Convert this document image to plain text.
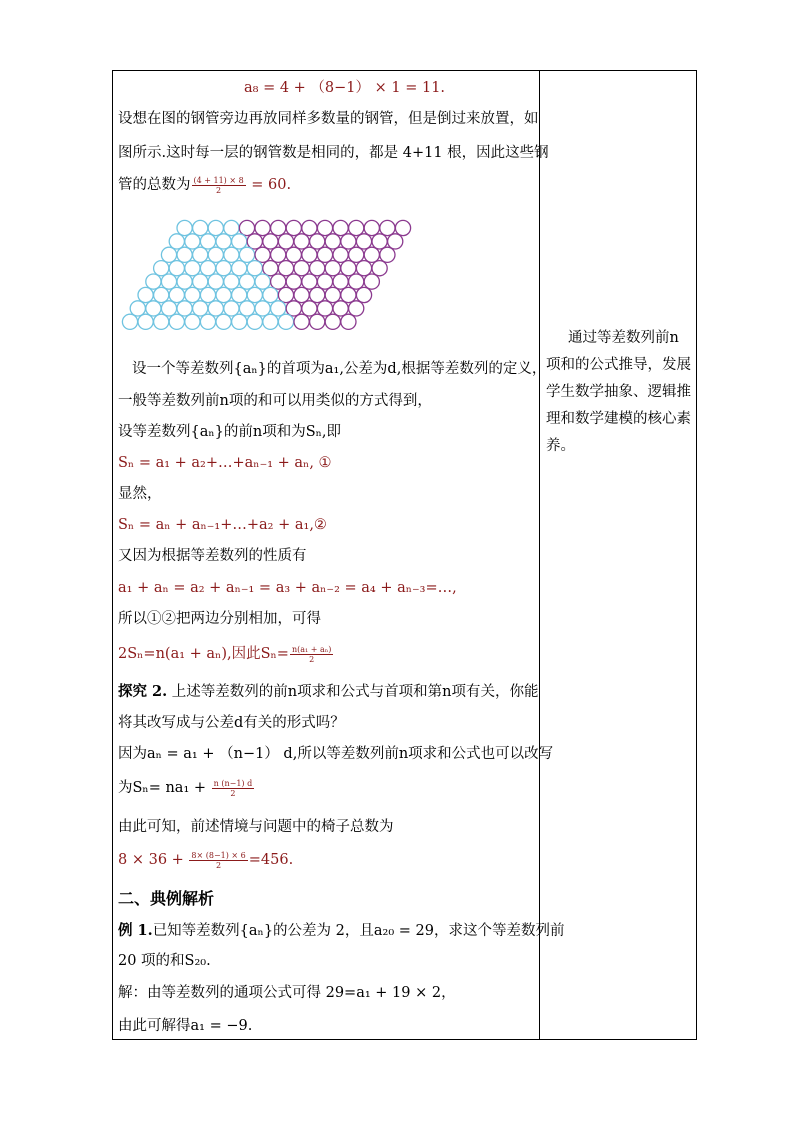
a₈ = 4 + （8−1） × 1 = 11.
设想在图的钢管旁边再放同样多数量的钢管，但是倒过来放置，如
图所示.这时每一层的钢管数是相同的，都是 4+11 根，因此这些钢
管的总数为 $\frac{(4 + 11) \times 8}{2} = 60$.
设一个等差数列{aₙ}的首项为a₁,公差为d,根据等差数列的定义，
一般等差数列前n项的和可以用类似的方式得到，
设等差数列{aₙ}的前n项和为Sₙ,即
Sₙ = a₁ + a₂+…+aₙ₋₁ + aₙ, ①
显然，
Sₙ = aₙ + aₙ₋₁+…+a₂ + a₁,②
又因为根据等差数列的性质有
a₁ + aₙ = a₂ + aₙ₋₁ = a₃ + aₙ₋₂ = a₄ + aₙ₋₃=…,
所以①②把两边分别相加，可得
2Sₙ=n(a₁ + aₙ),因此$S_n= \frac{\text{n(a₁ + aₙ)}}{2}$
探究 2. 上述等差数列的前n项求和公式与首项和第n项有关，你能
将其改写成与公差d有关的形式吗？
因为aₙ = a₁ + （n−1） d,所以等差数列前n项求和公式也可以改写
为$S_n= na_1 + \frac{n (n-1) d}{2}$
由此可知，前述情境与问题中的椅子总数为
$8 \times 36 + \frac{8\times (8-1) \times 6}{2} =456$.
二、典例解析
例 1.已知等差数列{aₙ}的公差为 2，且a₂₀ = 29，求这个等差数列前
20 项的和S₂₀.
解：由等差数列的通项公式可得 29=a₁ + 19 × 2，
由此可解得a₁ = −9.
通过等差数列前n项和的公式推导，发展学生数学抽象、逻辑推理和数学建模的核心素养。
